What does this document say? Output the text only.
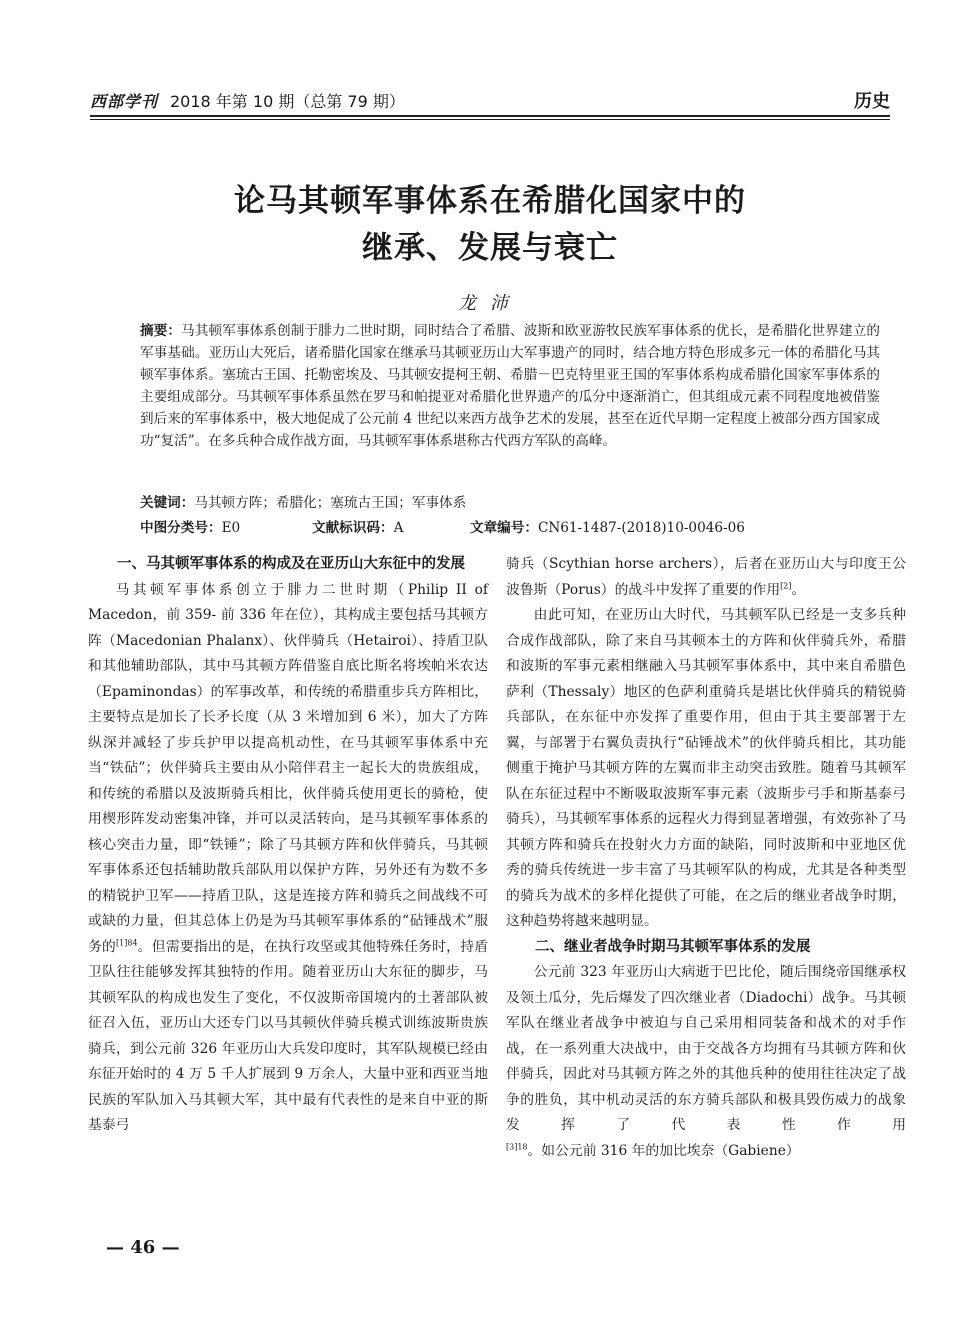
西部学刊 2018 年第 10 期（总第 79 期）	历史
论马其顿军事体系在希腊化国家中的
继承、发展与衰亡
龙沛
摘要：马其顿军事体系创制于腓力二世时期，同时结合了希腊、波斯和欧亚游牧民族军事体系的优长，是希腊化世界建立的军事基础。亚历山大死后，诸希腊化国家在继承马其顿亚历山大军事遗产的同时，结合地方特色形成多元一体的希腊化马其顿军事体系。塞琉古王国、托勒密埃及、马其顿安提柯王朝、希腊－巴克特里亚王国的军事体系构成希腊化国家军事体系的主要组成部分。马其顿军事体系虽然在罗马和帕提亚对希腊化世界遗产的瓜分中逐渐消亡，但其组成元素不同程度地被借鉴到后来的军事体系中，极大地促成了公元前 4 世纪以来西方战争艺术的发展，甚至在近代早期一定程度上被部分西方国家成功“复活”。在多兵种合成作战方面，马其顿军事体系堪称古代西方军队的高峰。
关键词：马其顿方阵；希腊化；塞琉古王国；军事体系
中图分类号：E0	文献标识码：A	文章编号：CN61-1487-(2018)10-0046-06
一、马其顿军事体系的构成及在亚历山大东征中的发展

马其顿军事体系创立于腓力二世时期（Philip II of Macedon，前 359- 前 336 年在位），其构成主要包括马其顿方阵（Macedonian Phalanx）、伙伴骑兵（Hetairoi）、持盾卫队和其他辅助部队，其中马其顿方阵借鉴自底比斯名将埃帕米农达（Epaminondas）的军事改革，和传统的希腊重步兵方阵相比，主要特点是加长了长矛长度（从 3 米增加到 6 米），加大了方阵纵深并减轻了步兵护甲以提高机动性，在马其顿军事体系中充当“铁砧”；伙伴骑兵主要由从小陪伴君主一起长大的贵族组成，和传统的希腊以及波斯骑兵相比，伙伴骑兵使用更长的骑枪，使用楔形阵发动密集冲锋，并可以灵活转向，是马其顿军事体系的核心突击力量，即“铁锤”；除了马其顿方阵和伙伴骑兵，马其顿军事体系还包括辅助散兵部队用以保护方阵，另外还有为数不多的精锐护卫军——持盾卫队，这是连接方阵和骑兵之间战线不可或缺的力量，但其总体上仍是为马其顿军事体系的“砧锤战术”服务的$^{[1]84}$。但需要指出的是，在执行攻坚或其他特殊任务时，持盾卫队往往能够发挥其独特的作用。随着亚历山大东征的脚步，马其顿军队的构成也发生了变化，不仅波斯帝国境内的土著部队被征召入伍，亚历山大还专门以马其顿伙伴骑兵模式训练波斯贵族骑兵，到公元前 326 年亚历山大兵发印度时，其军队规模已经由东征开始时的 4 万 5 千人扩展到 9 万余人，大量中亚和西亚当地民族的军队加入马其顿大军，其中最有代表性的是来自中亚的斯基泰弓

骑兵（Scythian horse archers），后者在亚历山大与印度王公波鲁斯（Porus）的战斗中发挥了重要的作用[2]。

由此可知，在亚历山大时代，马其顿军队已经是一支多兵种合成作战部队，除了来自马其顿本土的方阵和伙伴骑兵外，希腊和波斯的军事元素相继融入马其顿军事体系中，其中来自希腊色萨利（Thessaly）地区的色萨利重骑兵是堪比伙伴骑兵的精锐骑兵部队，在东征中亦发挥了重要作用，但由于其主要部署于左翼，与部署于右翼负责执行“砧锤战术”的伙伴骑兵相比，其功能侧重于掩护马其顿方阵的左翼而非主动突击致胜。随着马其顿军队在东征过程中不断吸取波斯军事元素（波斯步弓手和斯基泰弓骑兵），马其顿军事体系的远程火力得到显著增强，有效弥补了马其顿方阵和骑兵在投射火力方面的缺陷，同时波斯和中亚地区优秀的骑兵传统进一步丰富了马其顿军队的构成，尤其是各种类型的骑兵为战术的多样化提供了可能，在之后的继业者战争时期，这种趋势将越来越明显。

二、继业者战争时期马其顿军事体系的发展

公元前 323 年亚历山大病逝于巴比伦，随后围绕帝国继承权及领土瓜分，先后爆发了四次继业者（Diadochi）战争。马其顿军队在继业者战争中被迫与自己采用相同装备和战术的对手作战，在一系列重大决战中，由于交战各方均拥有马其顿方阵和伙伴骑兵，因此对马其顿方阵之外的其他兵种的使用往往决定了战争的胜负，其中机动灵活的东方骑兵部队和极具毁伤威力的战象发挥了代表性作用$^{[3]18}$。如公元前 316 年的加比埃奈（Gabiene）

— 46 —
